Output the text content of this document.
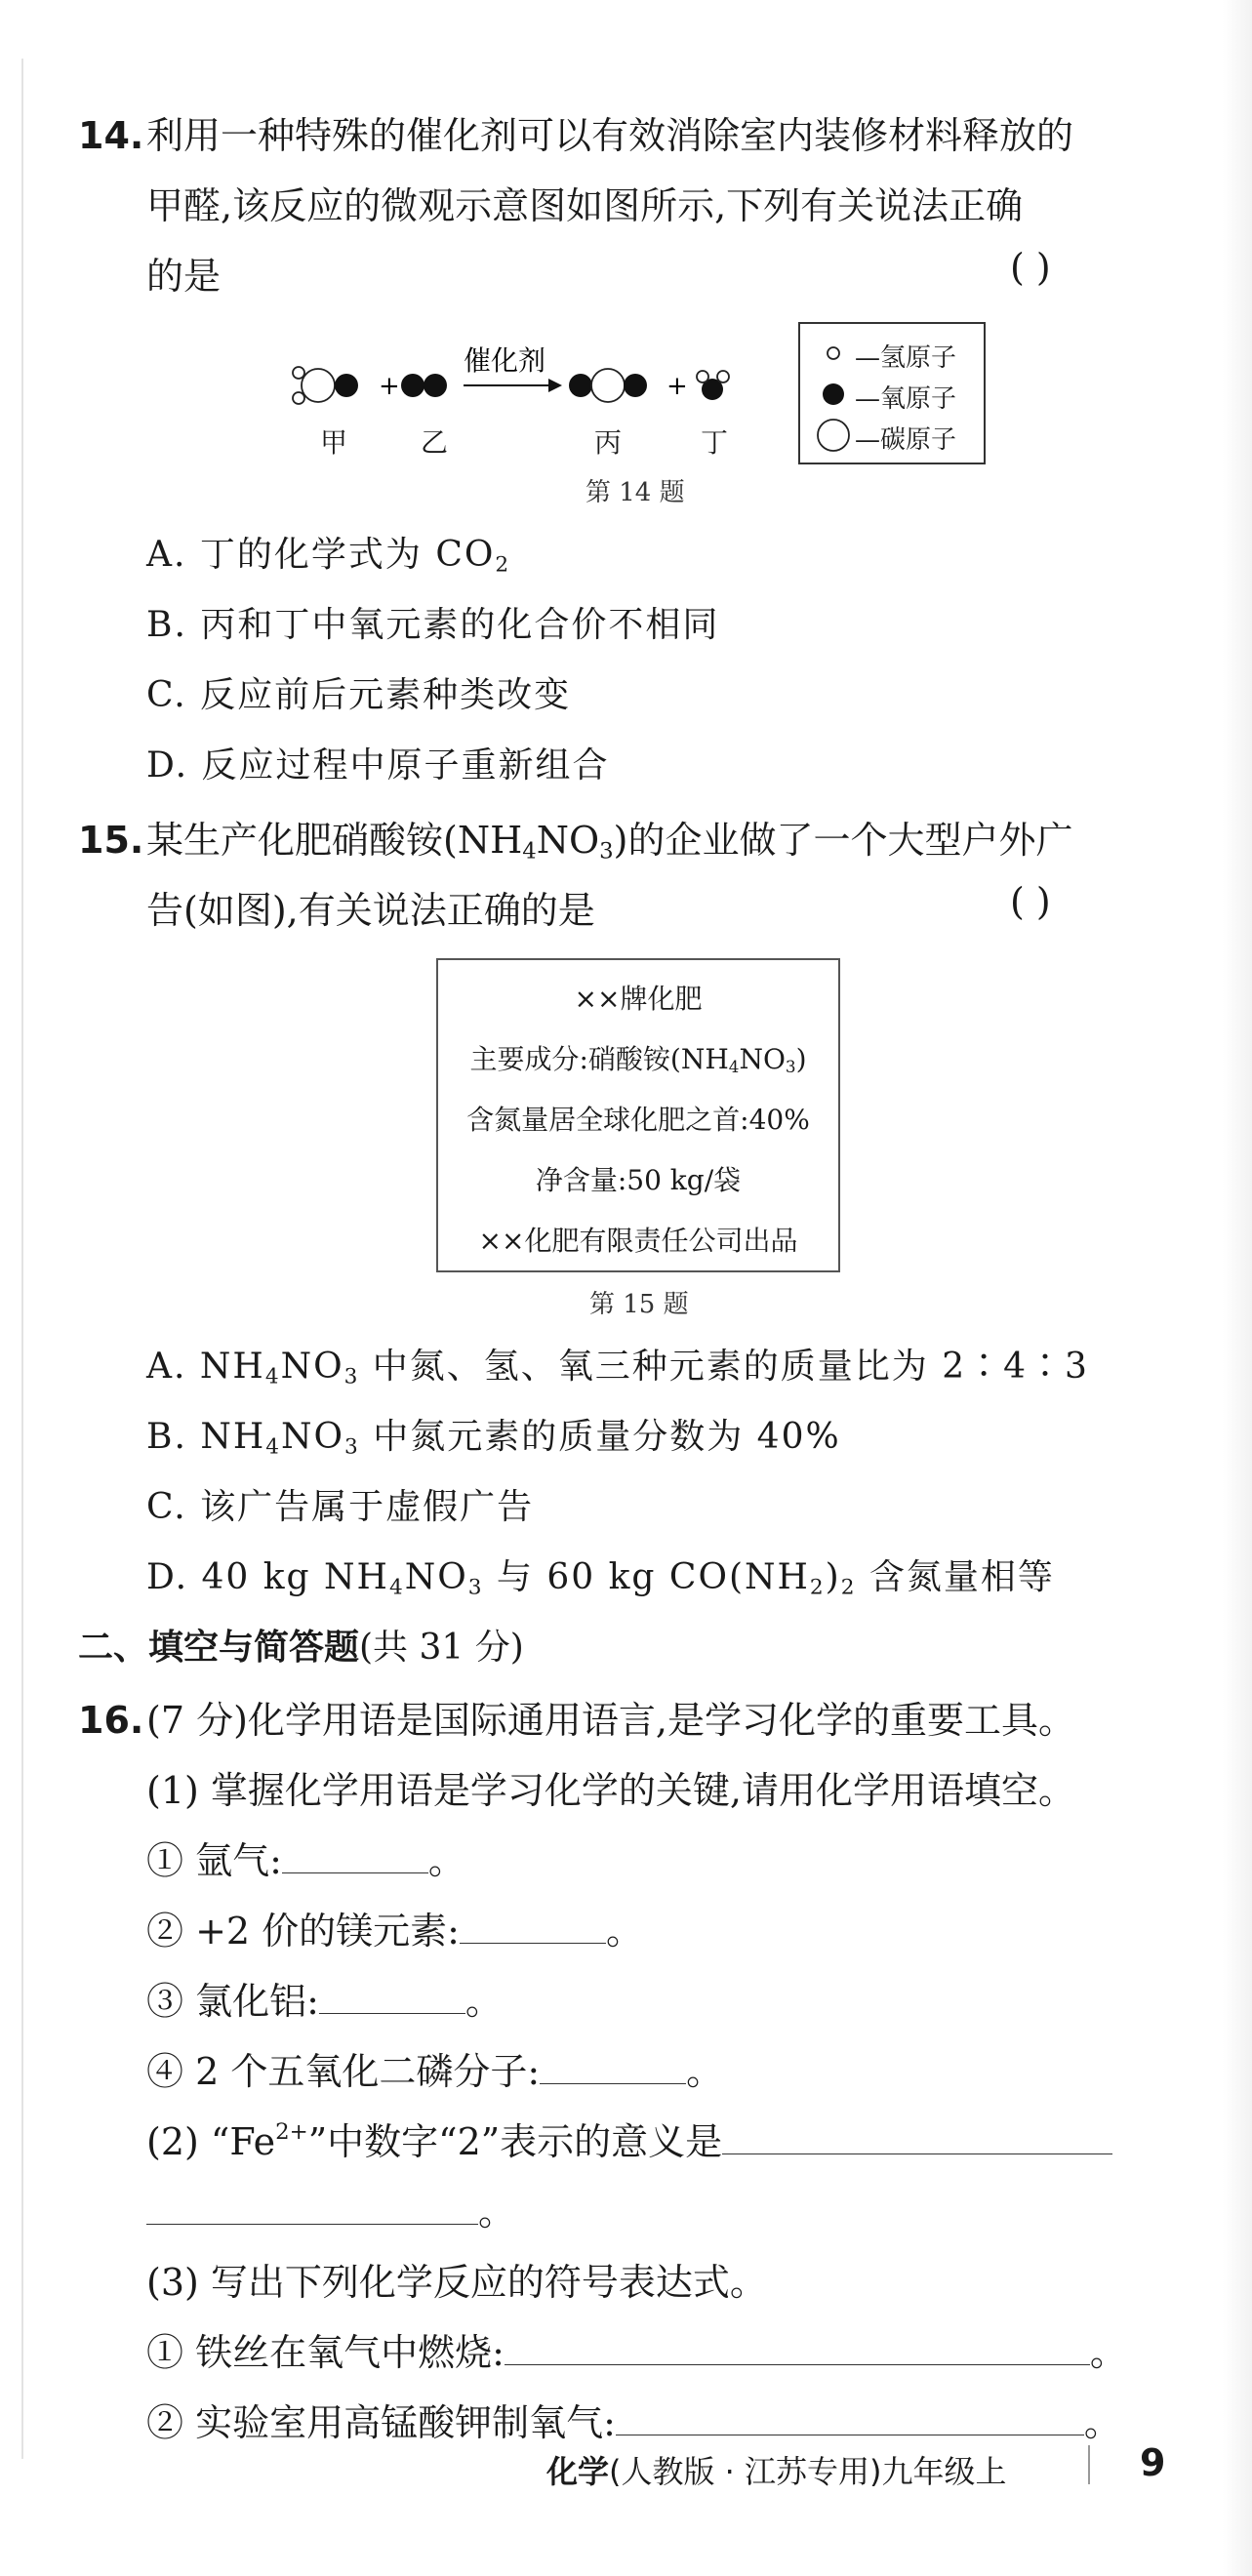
14.利用一种特殊的催化剂可以有效消除室内装修材料释放的
甲醛,该反应的微观示意图如图所示,下列有关说法正确
的是	( )
+
催化剂
+
甲	乙	丙	丁
—氢原子
—氧原子
—碳原子
第 14 题
A. 丁的化学式为 $CO_2$
B. 丙和丁中氧元素的化合价不相同
C. 反应前后元素种类改变
D. 反应过程中原子重新组合
15.某生产化肥硝酸铵$(NH_4NO_3)$的企业做了一个大型户外广
告(如图),有关说法正确的是	( )
××牌化肥
主要成分:硝酸铵$(NH_4NO_3)$
含氮量居全球化肥之首:40%
净含量:50 kg/袋
××化肥有限责任公司出品
第 15 题
A. $NH_4NO_3$ 中氮、氢、氧三种元素的质量比为 2∶4∶3
B. $NH_4NO_3$ 中氮元素的质量分数为 40%
C. 该广告属于虚假广告
D. 40 kg $NH_4NO_3$ 与 60 kg $CO(NH_2)_2$ 含氮量相等
二、填空与简答题(共 31 分)
16.(7 分)化学用语是国际通用语言,是学习化学的重要工具。
(1) 掌握化学用语是学习化学的关键,请用化学用语填空。
① 氩气:	。
② +2 价的镁元素:	。
③ 氯化铝:	。
④ 2 个五氧化二磷分子:	。
(2) “$Fe^{2+}$”中数字“2”表示的意义是
。
(3) 写出下列化学反应的符号表达式。
① 铁丝在氧气中燃烧:	。
② 实验室用高锰酸钾制氧气:	。
化学(人教版 · 江苏专用)九年级上	9
